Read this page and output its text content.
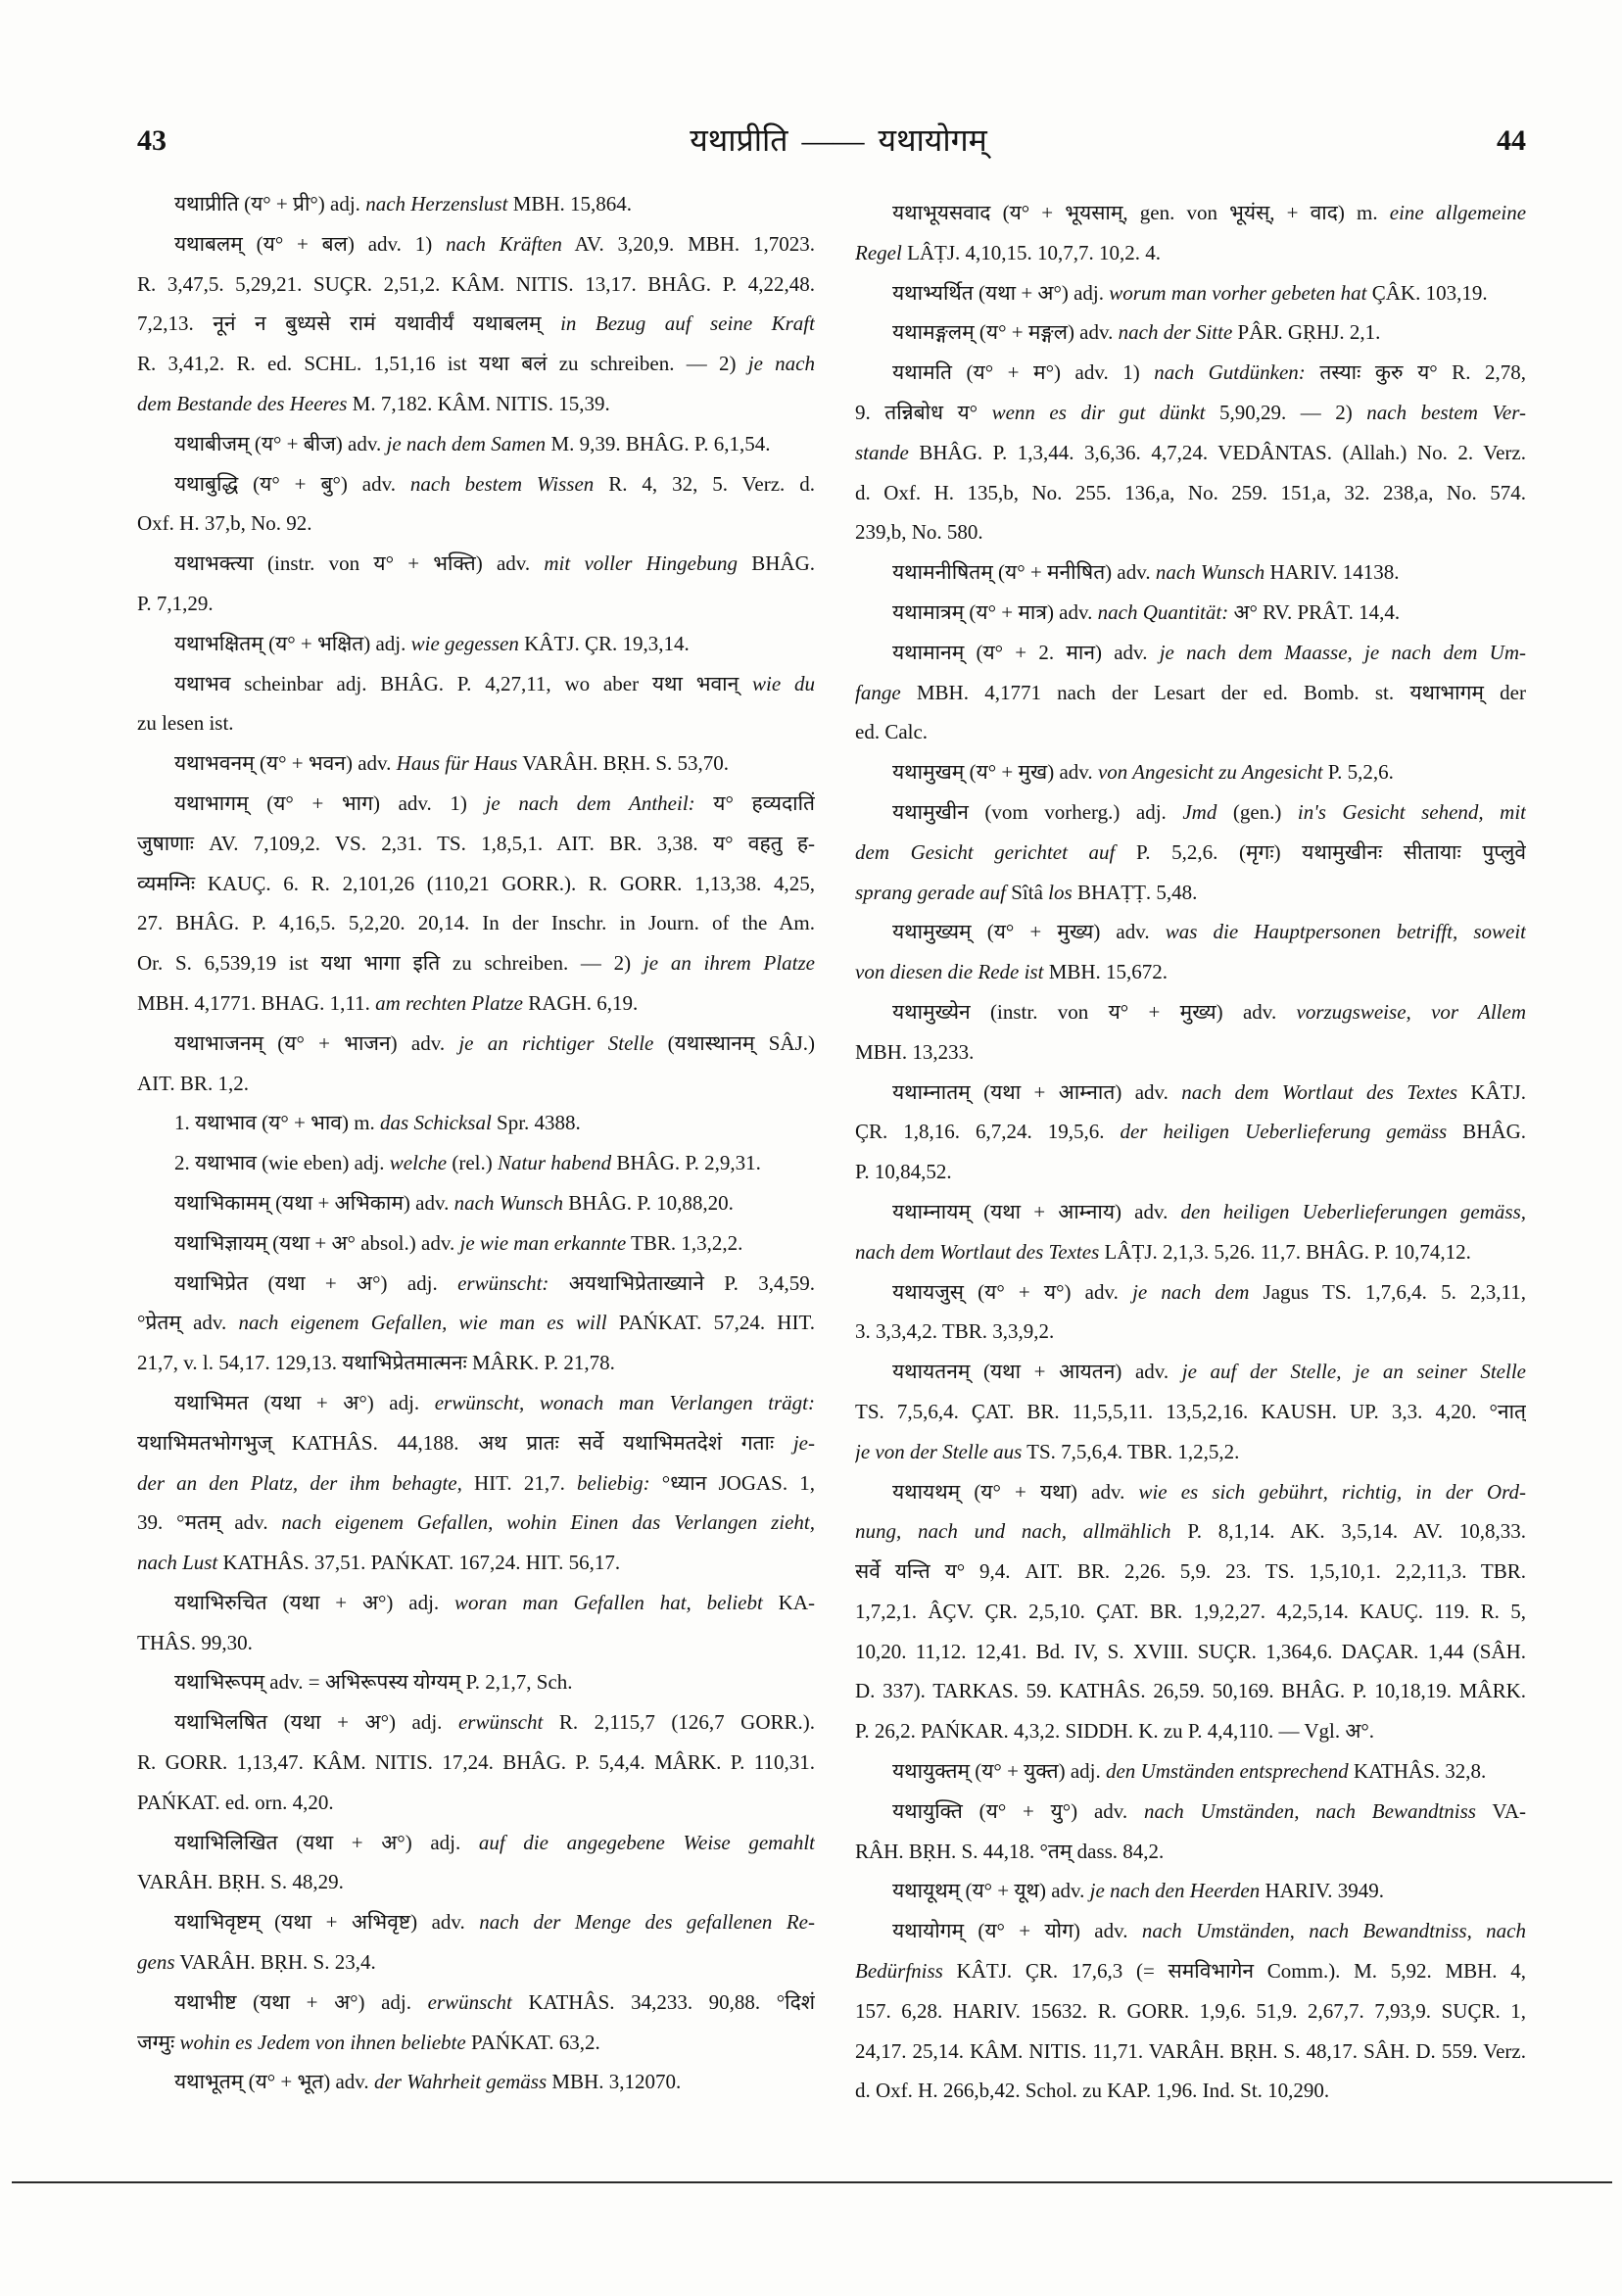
43	यथाप्रीति —— यथायोगम्	44
यथाप्रीति (य° + प्री°) adj. nach Herzenslust MBH. 15,864.
यथाबलम् (य° + बल) adv. 1) nach Kräften AV. 3,20,9. MBH. 1,7023.
R. 3,47,5. 5,29,21. SUÇR. 2,51,2. KÂM. NITIS. 13,17. BHÂG. P. 4,22,48.
7,2,13. नूनं न बुध्यसे रामं यथावीर्यं यथाबलम् in Bezug auf seine Kraft
R. 3,41,2. R. ed. SCHL. 1,51,16 ist यथा बलं zu schreiben. — 2) je nach
dem Bestande des Heeres M. 7,182. KÂM. NITIS. 15,39.
यथाबीजम् (य° + बीज) adv. je nach dem Samen M. 9,39. BHÂG. P. 6,1,54.
यथाबुद्धि (य° + बु°) adv. nach bestem Wissen R. 4, 32, 5. Verz. d.
Oxf. H. 37,b, No. 92.
यथाभक्त्या (instr. von य° + भक्ति) adv. mit voller Hingebung BHÂG.
P. 7,1,29.
यथाभक्षितम् (य° + भक्षित) adj. wie gegessen KÂTJ. ÇR. 19,3,14.
यथाभव scheinbar adj. BHÂG. P. 4,27,11, wo aber यथा भवान् wie du
zu lesen ist.
यथाभवनम् (य° + भवन) adv. Haus für Haus VARÂH. BṚH. S. 53,70.
यथाभागम् (य° + भाग) adv. 1) je nach dem Antheil: य° हव्यदातिं
जुषाणाः AV. 7,109,2. VS. 2,31. TS. 1,8,5,1. AIT. BR. 3,38. य° वहतु ह-
व्यमग्निः KAUÇ. 6. R. 2,101,26 (110,21 GORR.). R. GORR. 1,13,38. 4,25,
27. BHÂG. P. 4,16,5. 5,2,20. 20,14. In der Inschr. in Journ. of the Am.
Or. S. 6,539,19 ist यथा भागा इति zu schreiben. — 2) je an ihrem Platze
MBH. 4,1771. BHAG. 1,11. am rechten Platze RAGH. 6,19.
यथाभाजनम् (य° + भाजन) adv. je an richtiger Stelle (यथास्थानम् SÂJ.)
AIT. BR. 1,2.
1. यथाभाव (य° + भाव) m. das Schicksal Spr. 4388.
2. यथाभाव (wie eben) adj. welche (rel.) Natur habend BHÂG. P. 2,9,31.
यथाभिकामम् (यथा + अभिकाम) adv. nach Wunsch BHÂG. P. 10,88,20.
यथाभिज्ञायम् (यथा + अ° absol.) adv. je wie man erkannte TBR. 1,3,2,2.
यथाभिप्रेत (यथा + अ°) adj. erwünscht: अयथाभिप्रेताख्याने P. 3,4,59.
°प्रेतम् adv. nach eigenem Gefallen, wie man es will PAŃKAT. 57,24. HIT.
21,7, v. l. 54,17. 129,13. यथाभिप्रेतमात्मनः MÂRK. P. 21,78.
यथाभिमत (यथा + अ°) adj. erwünscht, wonach man Verlangen trägt:
यथाभिमतभोगभुज् KATHÂS. 44,188. अथ प्रातः सर्वे यथाभिमतदेशं गताः je-
der an den Platz, der ihm behagte, HIT. 21,7. beliebig: °ध्यान JOGAS. 1,
39. °मतम् adv. nach eigenem Gefallen, wohin Einen das Verlangen zieht,
nach Lust KATHÂS. 37,51. PAŃKAT. 167,24. HIT. 56,17.
यथाभिरुचित (यथा + अ°) adj. woran man Gefallen hat, beliebt KA-
THÂS. 99,30.
यथाभिरूपम् adv. = अभिरूपस्य योग्यम् P. 2,1,7, Sch.
यथाभिलषित (यथा + अ°) adj. erwünscht R. 2,115,7 (126,7 GORR.).
R. GORR. 1,13,47. KÂM. NITIS. 17,24. BHÂG. P. 5,4,4. MÂRK. P. 110,31.
PAŃKAT. ed. orn. 4,20.
यथाभिलिखित (यथा + अ°) adj. auf die angegebene Weise gemahlt
VARÂH. BṚH. S. 48,29.
यथाभिवृष्टम् (यथा + अभिवृष्ट) adv. nach der Menge des gefallenen Re-
gens VARÂH. BṚH. S. 23,4.
यथाभीष्ट (यथा + अ°) adj. erwünscht KATHÂS. 34,233. 90,88. °दिशं
जग्मुः wohin es Jedem von ihnen beliebte PAŃKAT. 63,2.
यथाभूतम् (य° + भूत) adv. der Wahrheit gemäss MBH. 3,12070.
यथाभूयसवाद (य° + भूयसाम्, gen. von भूयंस्, + वाद) m. eine allgemeine
Regel LÂṬJ. 4,10,15. 10,7,7. 10,2. 4.
यथाभ्यर्थित (यथा + अ°) adj. worum man vorher gebeten hat ÇÂK. 103,19.
यथामङ्गलम् (य° + मङ्गल) adv. nach der Sitte PÂR. GṚHJ. 2,1.
यथामति (य° + म°) adv. 1) nach Gutdünken: तस्याः कुरु य° R. 2,78,
9. तन्निबोध य° wenn es dir gut dünkt 5,90,29. — 2) nach bestem Ver-
stande BHÂG. P. 1,3,44. 3,6,36. 4,7,24. VEDÂNTAS. (Allah.) No. 2. Verz.
d. Oxf. H. 135,b, No. 255. 136,a, No. 259. 151,a, 32. 238,a, No. 574.
239,b, No. 580.
यथामनीषितम् (य° + मनीषित) adv. nach Wunsch HARIV. 14138.
यथामात्रम् (य° + मात्र) adv. nach Quantität: अ° RV. PRÂT. 14,4.
यथामानम् (य° + 2. मान) adv. je nach dem Maasse, je nach dem Um-
fange MBH. 4,1771 nach der Lesart der ed. Bomb. st. यथाभागम् der
ed. Calc.
यथामुखम् (य° + मुख) adv. von Angesicht zu Angesicht P. 5,2,6.
यथामुखीन (vom vorherg.) adj. Jmd (gen.) in's Gesicht sehend, mit
dem Gesicht gerichtet auf P. 5,2,6. (मृगः) यथामुखीनः सीतायाः पुप्लुवे
sprang gerade auf Sîtâ los BHAṬṬ. 5,48.
यथामुख्यम् (य° + मुख्य) adv. was die Hauptpersonen betrifft, soweit
von diesen die Rede ist MBH. 15,672.
यथामुख्येन (instr. von य° + मुख्य) adv. vorzugsweise, vor Allem
MBH. 13,233.
यथाम्नातम् (यथा + आम्नात) adv. nach dem Wortlaut des Textes KÂTJ.
ÇR. 1,8,16. 6,7,24. 19,5,6. der heiligen Ueberlieferung gemäss BHÂG.
P. 10,84,52.
यथाम्नायम् (यथा + आम्नाय) adv. den heiligen Ueberlieferungen gemäss,
nach dem Wortlaut des Textes LÂṬJ. 2,1,3. 5,26. 11,7. BHÂG. P. 10,74,12.
यथायजुस् (य° + य°) adv. je nach dem Jagus TS. 1,7,6,4. 5. 2,3,11,
3. 3,3,4,2. TBR. 3,3,9,2.
यथायतनम् (यथा + आयतन) adv. je auf der Stelle, je an seiner Stelle
TS. 7,5,6,4. ÇAT. BR. 11,5,5,11. 13,5,2,16. KAUSH. UP. 3,3. 4,20. °नात्
je von der Stelle aus TS. 7,5,6,4. TBR. 1,2,5,2.
यथायथम् (य° + यथा) adv. wie es sich gebührt, richtig, in der Ord-
nung, nach und nach, allmählich P. 8,1,14. AK. 3,5,14. AV. 10,8,33.
सर्वे यन्ति य° 9,4. AIT. BR. 2,26. 5,9. 23. TS. 1,5,10,1. 2,2,11,3. TBR.
1,7,2,1. ÂÇV. ÇR. 2,5,10. ÇAT. BR. 1,9,2,27. 4,2,5,14. KAUÇ. 119. R. 5,
10,20. 11,12. 12,41. Bd. IV, S. XVIII. SUÇR. 1,364,6. DAÇAR. 1,44 (SÂH.
D. 337). TARKAS. 59. KATHÂS. 26,59. 50,169. BHÂG. P. 10,18,19. MÂRK.
P. 26,2. PAŃKAR. 4,3,2. SIDDH. K. zu P. 4,4,110. — Vgl. अ°.
यथायुक्तम् (य° + युक्त) adj. den Umständen entsprechend KATHÂS. 32,8.
यथायुक्ति (य° + यु°) adv. nach Umständen, nach Bewandtniss VA-
RÂH. BṚH. S. 44,18. °तम् dass. 84,2.
यथायूथम् (य° + यूथ) adv. je nach den Heerden HARIV. 3949.
यथायोगम् (य° + योग) adv. nach Umständen, nach Bewandtniss, nach
Bedürfniss KÂTJ. ÇR. 17,6,3 (= समविभागेन Comm.). M. 5,92. MBH. 4,
157. 6,28. HARIV. 15632. R. GORR. 1,9,6. 51,9. 2,67,7. 7,93,9. SUÇR. 1,
24,17. 25,14. KÂM. NITIS. 11,71. VARÂH. BṚH. S. 48,17. SÂH. D. 559. Verz.
d. Oxf. H. 266,b,42. Schol. zu KAP. 1,96. Ind. St. 10,290.
